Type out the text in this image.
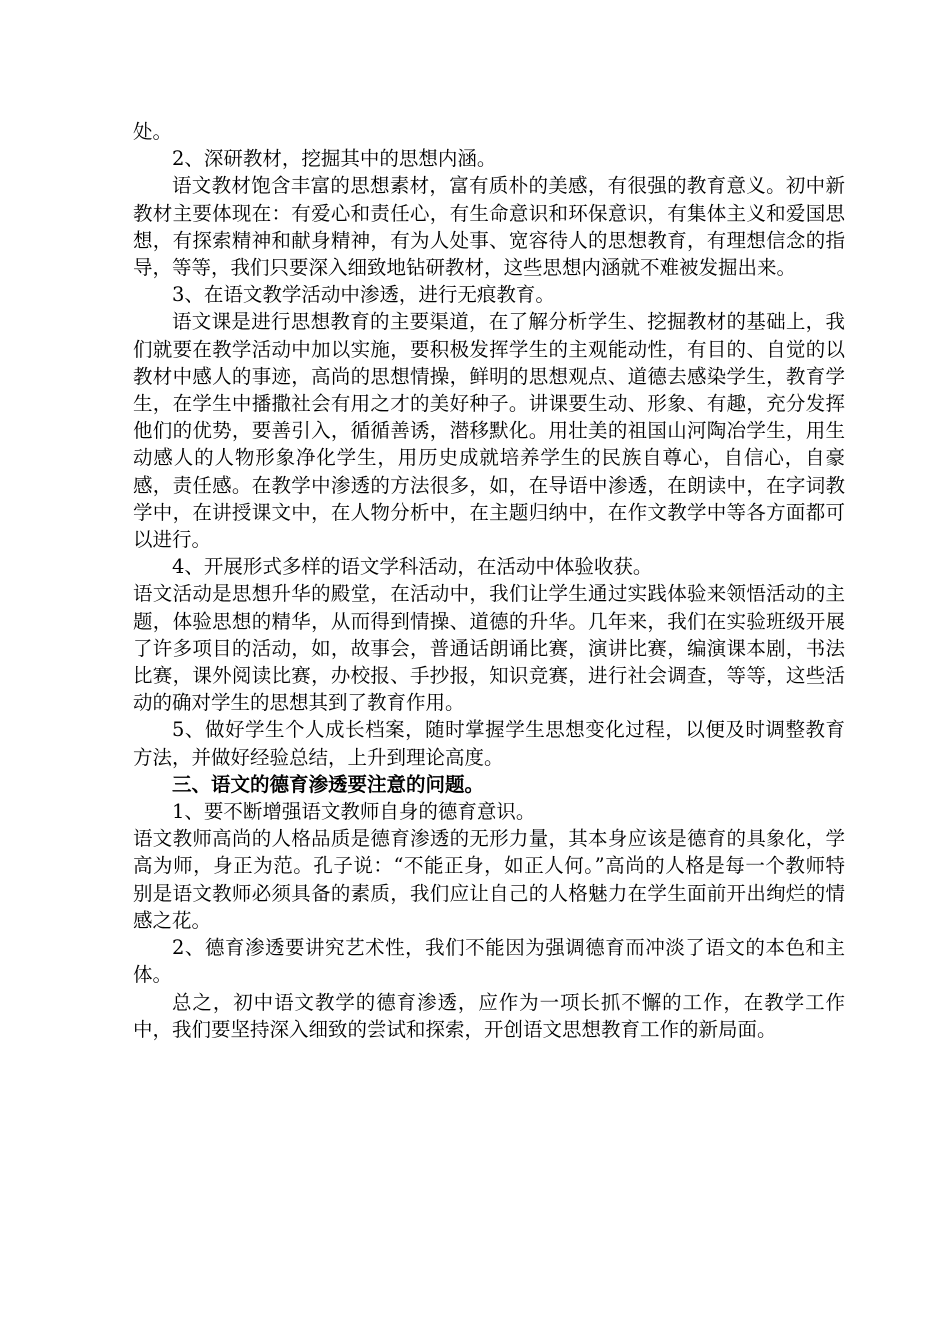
处。

2、深研教材，挖掘其中的思想内涵。

语文教材饱含丰富的思想素材，富有质朴的美感，有很强的教育意义。初中新教材主要体现在：有爱心和责任心，有生命意识和环保意识，有集体主义和爱国思想，有探索精神和献身精神，有为人处事、宽容待人的思想教育，有理想信念的指导，等等，我们只要深入细致地钻研教材，这些思想内涵就不难被发掘出来。

3、在语文教学活动中渗透，进行无痕教育。

语文课是进行思想教育的主要渠道，在了解分析学生、挖掘教材的基础上，我们就要在教学活动中加以实施，要积极发挥学生的主观能动性，有目的、自觉的以教材中感人的事迹，高尚的思想情操，鲜明的思想观点、道德去感染学生，教育学生，在学生中播撒社会有用之才的美好种子。讲课要生动、形象、有趣，充分发挥他们的优势，要善引入，循循善诱，潜移默化。用壮美的祖国山河陶冶学生，用生动感人的人物形象净化学生，用历史成就培养学生的民族自尊心，自信心，自豪感，责任感。在教学中渗透的方法很多，如，在导语中渗透，在朗读中，在字词教学中，在讲授课文中，在人物分析中，在主题归纳中，在作文教学中等各方面都可以进行。

4、开展形式多样的语文学科活动，在活动中体验收获。

语文活动是思想升华的殿堂，在活动中，我们让学生通过实践体验来领悟活动的主题，体验思想的精华，从而得到情操、道德的升华。几年来，我们在实验班级开展了许多项目的活动，如，故事会，普通话朗诵比赛，演讲比赛，编演课本剧，书法比赛，课外阅读比赛，办校报、手抄报，知识竞赛，进行社会调查，等等，这些活动的确对学生的思想其到了教育作用。

5、做好学生个人成长档案，随时掌握学生思想变化过程，以便及时调整教育方法，并做好经验总结，上升到理论高度。

三、语文的德育渗透要注意的问题。

1、要不断增强语文教师自身的德育意识。

语文教师高尚的人格品质是德育渗透的无形力量，其本身应该是德育的具象化，学高为师，身正为范。孔子说：“不能正身，如正人何。”高尚的人格是每一个教师特别是语文教师必须具备的素质，我们应让自己的人格魅力在学生面前开出绚烂的情感之花。

2、德育渗透要讲究艺术性，我们不能因为强调德育而冲淡了语文的本色和主体。

总之，初中语文教学的德育渗透，应作为一项长抓不懈的工作，在教学工作中，我们要坚持深入细致的尝试和探索，开创语文思想教育工作的新局面。
